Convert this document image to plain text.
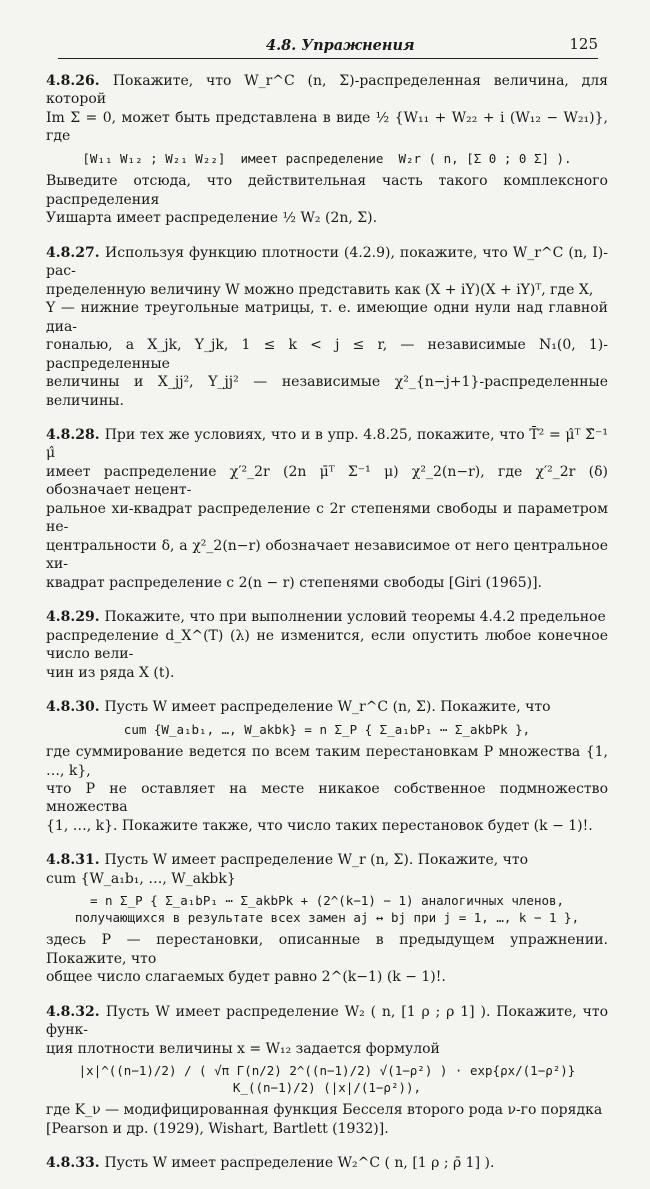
4.8. Упражнения	125

4.8.26. Покажите, что W_r^C (n, Σ)-распределенная величина, для которой
Im Σ = 0, может быть представлена в виде ½ {W₁₁ + W₂₂ + i (W₁₂ − W₂₁)}, где

[W₁₁ W₁₂ ; W₂₁ W₂₂]  имеет распределение  W₂r ( n, [Σ 0 ; 0 Σ] ).

Выведите отсюда, что действительная часть такого комплексного распределения
Уишарта имеет распределение ½ W₂ (2n, Σ).

4.8.27. Используя функцию плотности (4.2.9), покажите, что W_r^C (n, I)-рас-
пределенную величину W можно представить как (X + iY)(X + iY)ᵀ, где X,
Y — нижние треугольные матрицы, т. е. имеющие одни нули над главной диа-
гональю, а X_jk, Y_jk, 1 ≤ k < j ≤ r, — независимые N₁(0, 1)-распределенные
величины и X_jj², Y_jj² — независимые χ²_{n−j+1}-распределенные величины.

4.8.28. При тех же условиях, что и в упр. 4.8.25, покажите, что T̄² = μ̂ᵀ Σ̂⁻¹ μ̂
имеет распределение χ′²_2r (2n μ̄ᵀ Σ⁻¹ μ) χ²_2(n−r), где χ′²_2r (δ) обозначает нецент-
ральное хи-квадрат распределение с 2r степенями свободы и параметром не-
центральности δ, а χ²_2(n−r) обозначает независимое от него центральное хи-
квадрат распределение с 2(n − r) степенями свободы [Giri (1965)].

4.8.29. Покажите, что при выполнении условий теоремы 4.4.2 предельное
распределение d_X^(T) (λ) не изменится, если опустить любое конечное число вели-
чин из ряда X (t).

4.8.30. Пусть W имеет распределение W_r^C (n, Σ). Покажите, что

cum {W_a₁b₁, …, W_akbk} = n Σ_P { Σ_a₁bP₁ ⋯ Σ_akbPk },

где суммирование ведется по всем таким перестановкам P множества {1, …, k},
что P не оставляет на месте никакое собственное подмножество множества
{1, …, k}. Покажите также, что число таких перестановок будет (k − 1)!.

4.8.31. Пусть W имеет распределение W_r (n, Σ). Покажите, что
cum {W_a₁b₁, …, W_akbk}

= n Σ_P { Σ_a₁bP₁ ⋯ Σ_akbPk + (2^(k−1) − 1) аналогичных членов,
получающихся в результате всех замен aj ↔ bj при j = 1, …, k − 1 },

здесь P — перестановки, описанные в предыдущем упражнении. Покажите, что
общее число слагаемых будет равно 2^(k−1) (k − 1)!.

4.8.32. Пусть W имеет распределение W₂ ( n, [1 ρ ; ρ 1] ). Покажите, что функ-
ция плотности величины x = W₁₂ задается формулой

|x|^((n−1)/2) / ( √π Γ(n/2) 2^((n−1)/2) √(1−ρ²) ) · exp{ρx/(1−ρ²)} K_((n−1)/2) (|x|/(1−ρ²)),

где K_ν — модифицированная функция Бесселя второго рода ν-го порядка
[Pearson и др. (1929), Wishart, Bartlett (1932)].

4.8.33. Пусть W имеет распределение W₂^C ( n, [1 ρ ; ρ̄ 1] ).
